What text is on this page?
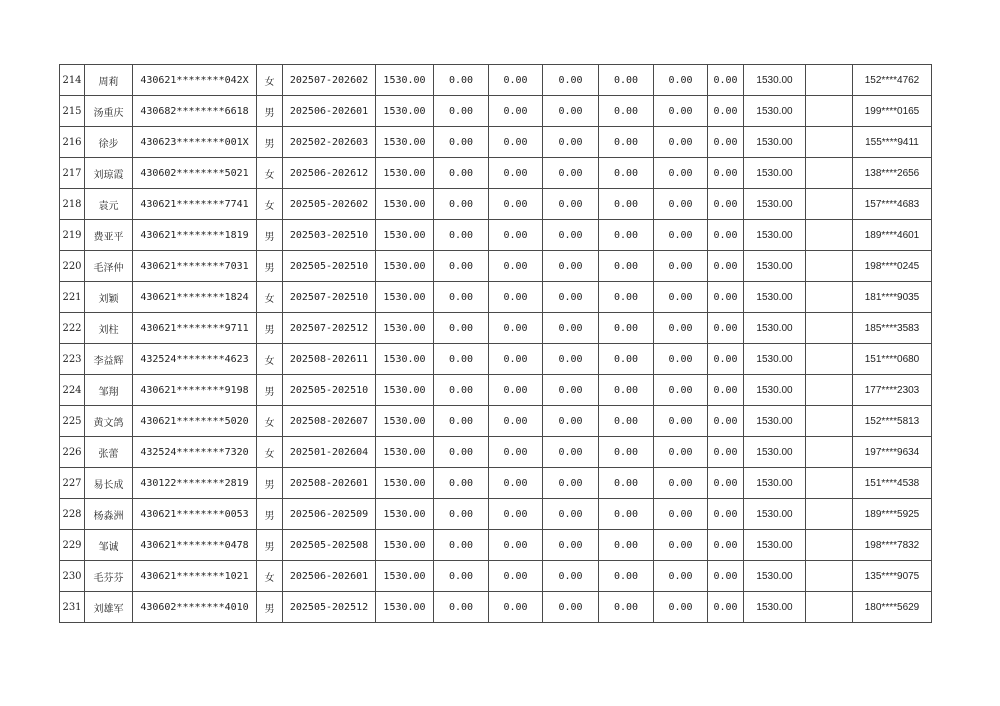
214	周莉	430621********042X	女	202507-202602	1530.00	0.00	0.00	0.00	0.00	0.00	0.00	1530.00		152****4762
215	汤重庆	430682********6618	男	202506-202601	1530.00	0.00	0.00	0.00	0.00	0.00	0.00	1530.00		199****0165
216	徐步	430623********001X	男	202502-202603	1530.00	0.00	0.00	0.00	0.00	0.00	0.00	1530.00		155****9411
217	刘琼霞	430602********5021	女	202506-202612	1530.00	0.00	0.00	0.00	0.00	0.00	0.00	1530.00		138****2656
218	袁元	430621********7741	女	202505-202602	1530.00	0.00	0.00	0.00	0.00	0.00	0.00	1530.00		157****4683
219	费亚平	430621********1819	男	202503-202510	1530.00	0.00	0.00	0.00	0.00	0.00	0.00	1530.00		189****4601
220	毛泽仲	430621********7031	男	202505-202510	1530.00	0.00	0.00	0.00	0.00	0.00	0.00	1530.00		198****0245
221	刘颖	430621********1824	女	202507-202510	1530.00	0.00	0.00	0.00	0.00	0.00	0.00	1530.00		181****9035
222	刘柱	430621********9711	男	202507-202512	1530.00	0.00	0.00	0.00	0.00	0.00	0.00	1530.00		185****3583
223	李益辉	432524********4623	女	202508-202611	1530.00	0.00	0.00	0.00	0.00	0.00	0.00	1530.00		151****0680
224	邹翔	430621********9198	男	202505-202510	1530.00	0.00	0.00	0.00	0.00	0.00	0.00	1530.00		177****2303
225	黄文鸽	430621********5020	女	202508-202607	1530.00	0.00	0.00	0.00	0.00	0.00	0.00	1530.00		152****5813
226	张蕾	432524********7320	女	202501-202604	1530.00	0.00	0.00	0.00	0.00	0.00	0.00	1530.00		197****9634
227	易长成	430122********2819	男	202508-202601	1530.00	0.00	0.00	0.00	0.00	0.00	0.00	1530.00		151****4538
228	杨淼洲	430621********0053	男	202506-202509	1530.00	0.00	0.00	0.00	0.00	0.00	0.00	1530.00		189****5925
229	邹诚	430621********0478	男	202505-202508	1530.00	0.00	0.00	0.00	0.00	0.00	0.00	1530.00		198****7832
230	毛芬芬	430621********1021	女	202506-202601	1530.00	0.00	0.00	0.00	0.00	0.00	0.00	1530.00		135****9075
231	刘雄军	430602********4010	男	202505-202512	1530.00	0.00	0.00	0.00	0.00	0.00	0.00	1530.00		180****5629
